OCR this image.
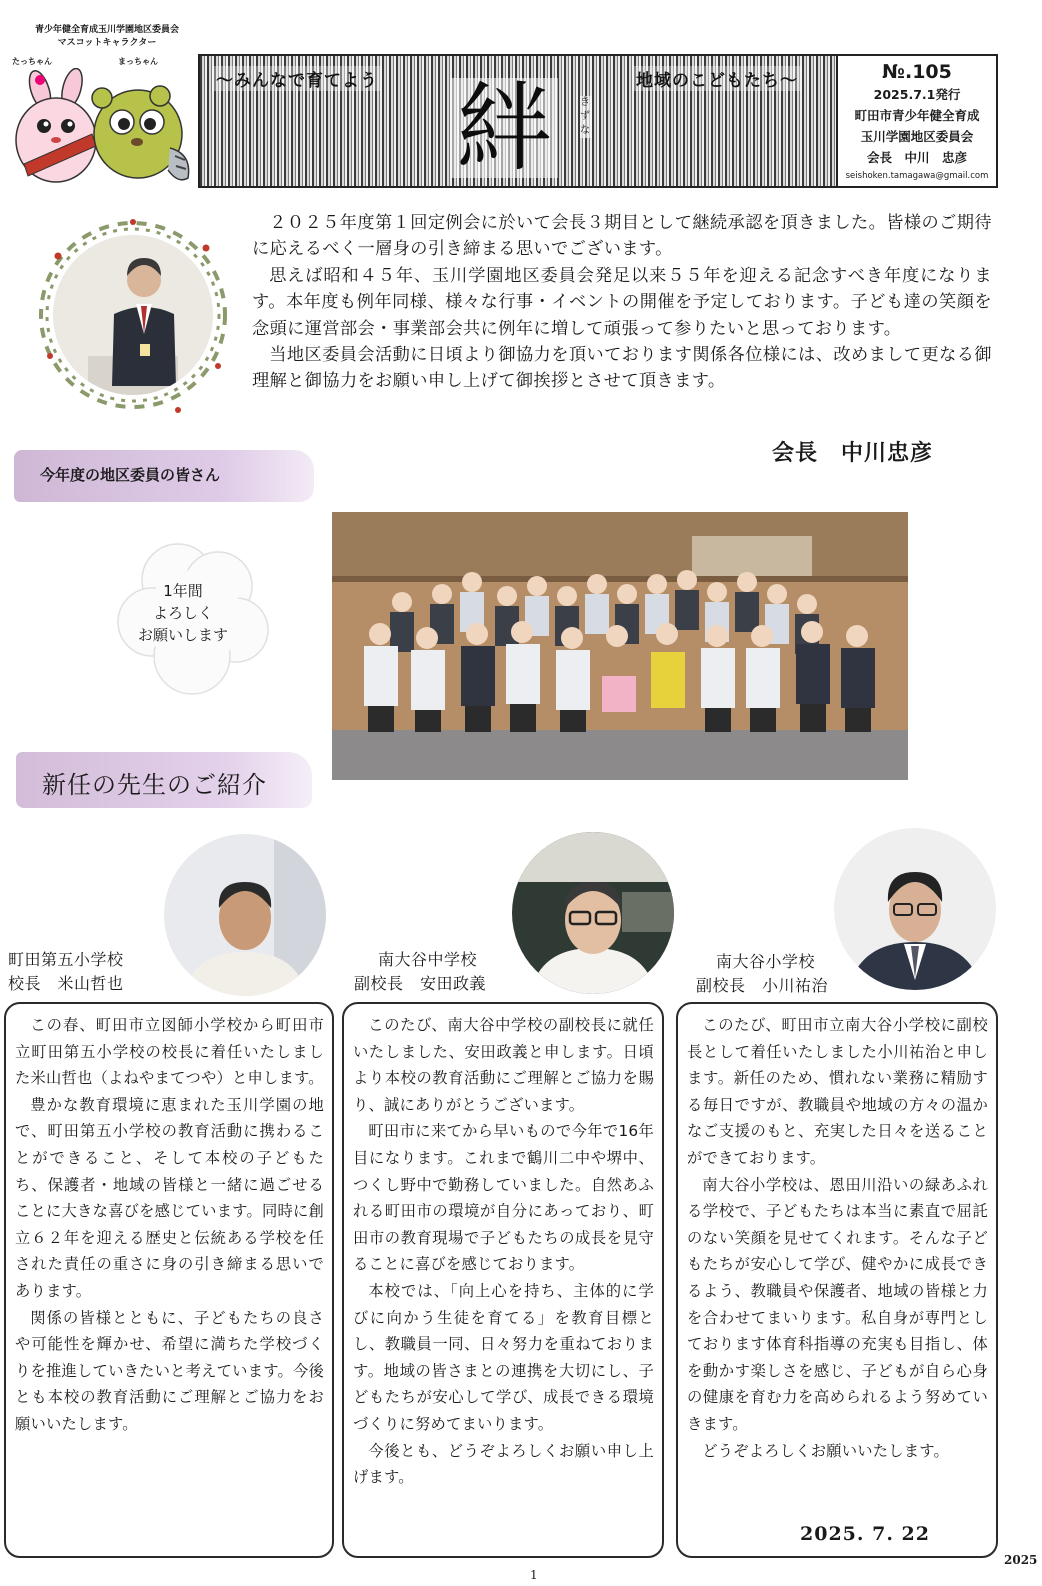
青少年健全育成玉川学園地区委員会
マスコットキャラクター
たっちゃん	まっちゃん
～みんなで育てよう	地域のこどもたち～
絆	きずな
№.105
2025.7.1発行
町田市青少年健全育成
玉川学園地区委員会
会長　中川　忠彦
seishoken.tamagawa@gmail.com

２０２５年度第１回定例会に於いて会長３期目として継続承認を頂きました。皆様のご期待に応えるべく一層身の引き締まる思いでございます。

思えば昭和４５年、玉川学園地区委員会発足以来５５年を迎える記念すべき年度になります。本年度も例年同様、様々な行事・イベントの開催を予定しております。子ども達の笑顔を念頭に運営部会・事業部会共に例年に増して頑張って参りたいと思っております。

当地区委員会活動に日頃より御協力を頂いております関係各位様には、改めまして更なる御理解と御協力をお願い申し上げて御挨拶とさせて頂きます。

会長　中川忠彦
今年度の地区委員の皆さん
1年間
よろしく
お願いします
新任の先生のご紹介
町田第五小学校
校長　米山哲也
南大谷中学校
副校長　安田政義
南大谷小学校
副校長　小川祐治

この春、町田市立図師小学校から町田市立町田第五小学校の校長に着任いたしました米山哲也（よねやまてつや）と申します。

豊かな教育環境に恵まれた玉川学園の地で、町田第五小学校の教育活動に携わることができること、そして本校の子どもたち、保護者・地域の皆様と一緒に過ごせることに大きな喜びを感じています。同時に創立６２年を迎える歴史と伝統ある学校を任された責任の重さに身の引き締まる思いであります。

関係の皆様とともに、子どもたちの良さや可能性を輝かせ、希望に満ちた学校づくりを推進していきたいと考えています。今後とも本校の教育活動にご理解とご協力をお願いいたします。

このたび、南大谷中学校の副校長に就任いたしました、安田政義と申します。日頃より本校の教育活動にご理解とご協力を賜り、誠にありがとうございます。

町田市に来てから早いもので今年で16年目になります。これまで鶴川二中や堺中、つくし野中で勤務していました。自然あふれる町田市の環境が自分にあっており、町田市の教育現場で子どもたちの成長を見守ることに喜びを感じております。

本校では、「向上心を持ち、主体的に学びに向かう生徒を育てる」を教育目標とし、教職員一同、日々努力を重ねております。地域の皆さまとの連携を大切にし、子どもたちが安心して学び、成長できる環境づくりに努めてまいります。

今後とも、どうぞよろしくお願い申し上げます。

このたび、町田市立南大谷小学校に副校長として着任いたしました小川祐治と申します。新任のため、慣れない業務に精励する毎日ですが、教職員や地域の方々の温かなご支援のもと、充実した日々を送ることができております。

南大谷小学校は、恩田川沿いの緑あふれる学校で、子どもたちは本当に素直で屈託のない笑顔を見せてくれます。そんな子どもたちが安心して学び、健やかに成長できるよう、教職員や保護者、地域の皆様と力を合わせてまいります。私自身が専門としております体育科指導の充実も目指し、体を動かす楽しさを感じ、子どもが自ら心身の健康を育む力を高められるよう努めていきます。

どうぞよろしくお願いいたします。

2025. 7. 22
2025
1
